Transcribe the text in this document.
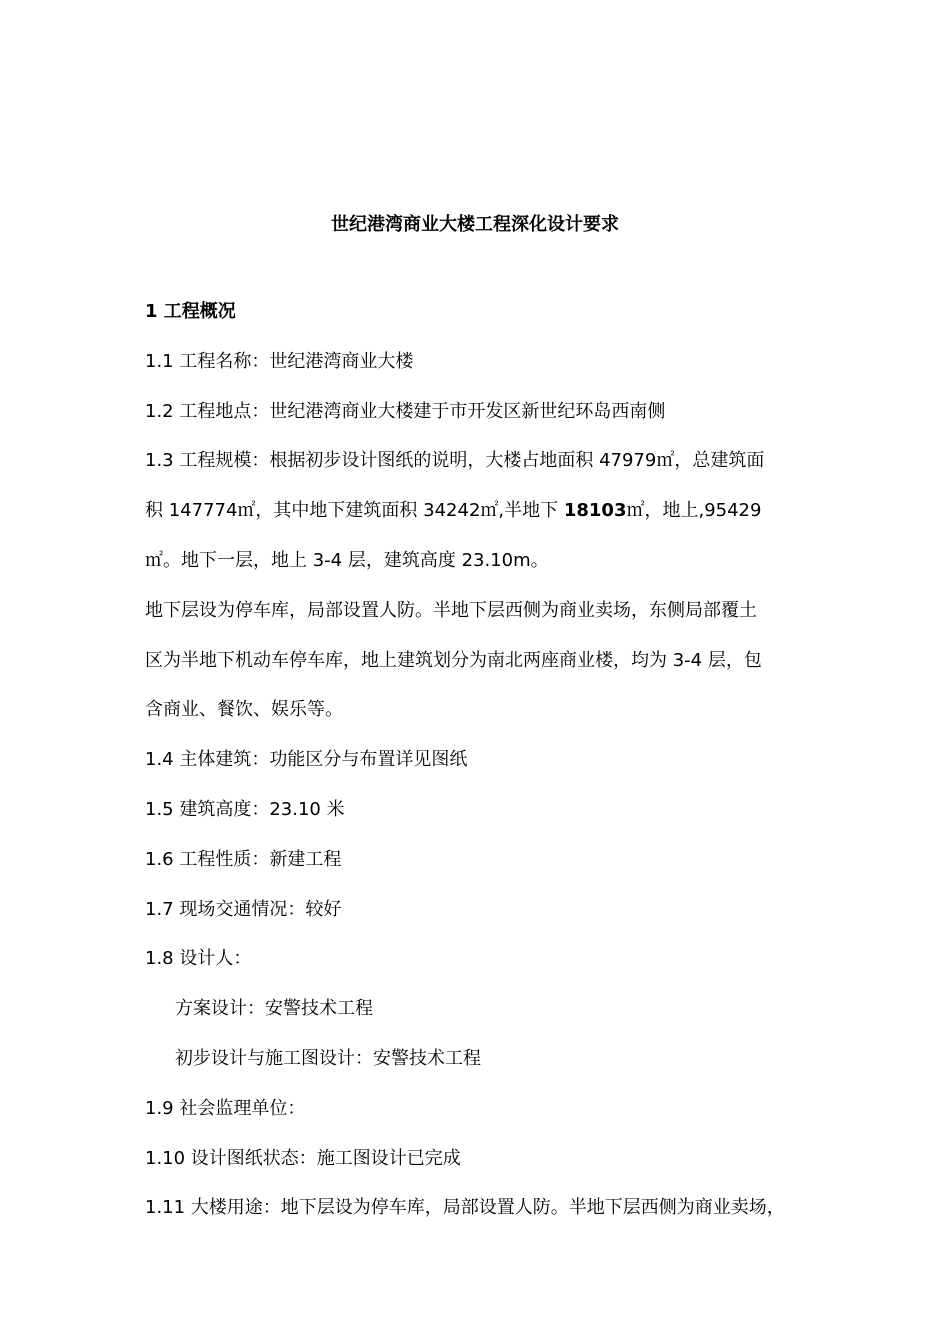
世纪港湾商业大楼工程深化设计要求

1 工程概况

1.1 工程名称：世纪港湾商业大楼

1.2 工程地点：世纪港湾商业大楼建于市开发区新世纪环岛西南侧

1.3 工程规模：根据初步设计图纸的说明，大楼占地面积 47979㎡，总建筑面

积 147774㎡，其中地下建筑面积 34242㎡,半地下 18103㎡，地上,95429

㎡。地下一层，地上 3-4 层，建筑高度 23.10m。

地下层设为停车库，局部设置人防。半地下层西侧为商业卖场，东侧局部覆土

区为半地下机动车停车库，地上建筑划分为南北两座商业楼，均为 3-4 层，包

含商业、餐饮、娱乐等。

1.4 主体建筑：功能区分与布置详见图纸

1.5 建筑高度：23.10 米

1.6 工程性质：新建工程

1.7 现场交通情况：较好

1.8 设计人：

方案设计：安警技术工程

初步设计与施工图设计：安警技术工程

1.9 社会监理单位：

1.10 设计图纸状态：施工图设计已完成

1.11 大楼用途：地下层设为停车库，局部设置人防。半地下层西侧为商业卖场，
